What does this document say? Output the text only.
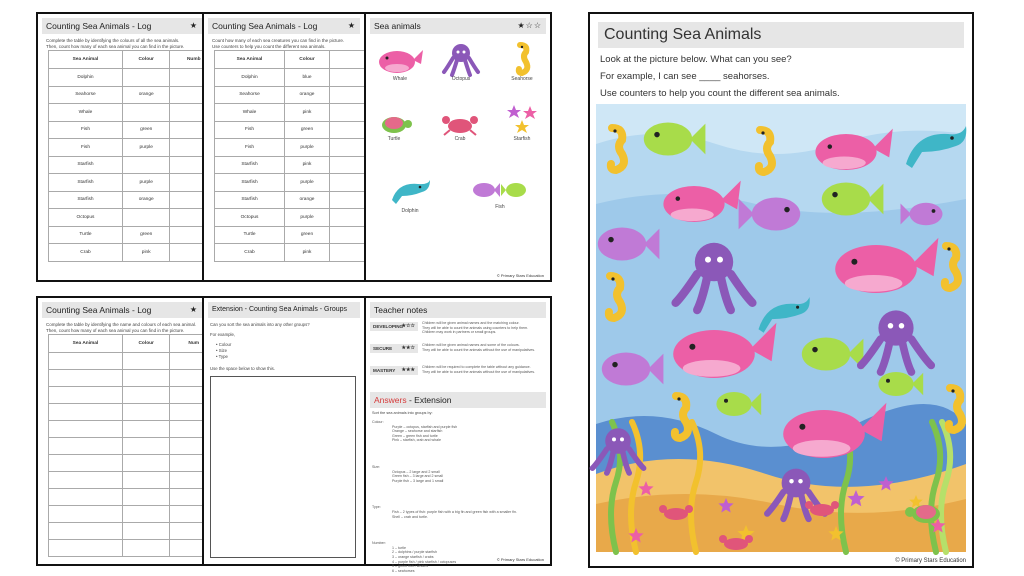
Counting Sea Animals - Log	★
Complete the table by identifying the colours of all the sea animals.
Then, count how many of each sea animal you can find in the picture.
Sea Animal	Colour	Numb
Dolphin		
Seahorse	orange	
Whale		
Fish	green	
Fish	purple	
Starfish		
Starfish	purple	
Starfish	orange	
Octopus		
Turtle	green	
Crab	pink	
Counting Sea Animals - Log	★
Count how many of each sea creatures you can find in the picture.
Use counters to help you count the different sea animals.
Sea Animal	Colour	
Dolphin	blue	
Seahorse	orange	
Whale	pink	
Fish	green	
Fish	purple	
Starfish	pink	
Starfish	purple	
Starfish	orange	
Octopus	purple	
Turtle	green	
Crab	pink	
Sea animals	★☆☆
Whale	Octopus	Seahorse
Turtle	Crab	Starfish
Dolphin
Fish
© Primary Stars Education
Counting Sea Animals - Log	★
Complete the table by identifying the name and colours of each sea animal.
Then, count how many of each sea animal you can find in the picture.
Sea Animal	Colour	Num

Extension - Counting Sea Animals - Groups
Can you sort the sea animals into any other groups?
For example,
• Colour
• Size
• Type
Use the space below to show this.
Teacher notes
DEVELOPING
★☆☆ Children will be given animal names and the matching colour.
They will be able to count the animals using counters to help them.
Children may work in partners or small groups.
SECURE ★★☆ Children will be given animal names and some of the colours.
They will be able to count the animals without the use of manipulatives.
MASTERY ★★★ Children will be required to complete the table without any guidance.
They will be able to count the animals without the use of manipulatives.
Answers - Extension
Sort the sea animals into groups by:
Colour:
Purple – octopus, starfish and purple fish
Orange – seahorse and starfish
Green – green fish and turtle
Pink – starfish, crab and whale
Size:
Octopus – 2 large and 2 small
Green fish – 3 large and 2 small
Purple fish – 3 large and 1 small
Type:
Fish – 2 types of fish: purple fish with a big fin and green fish with a smaller fin.
Shell – crab and turtle.
Number:
1 – turtle
2 – dolphins / purple starfish
3 – orange starfish / crabs
4 – purple fish / pink starfish / octopuses
5 – green fish / whales
6 – seahorses
© Primary Stars Education
Counting Sea Animals
Look at the picture below. What can you see?
For example, I can see ____ seahorses.
Use counters to help you count the different sea animals.
© Primary Stars Education
